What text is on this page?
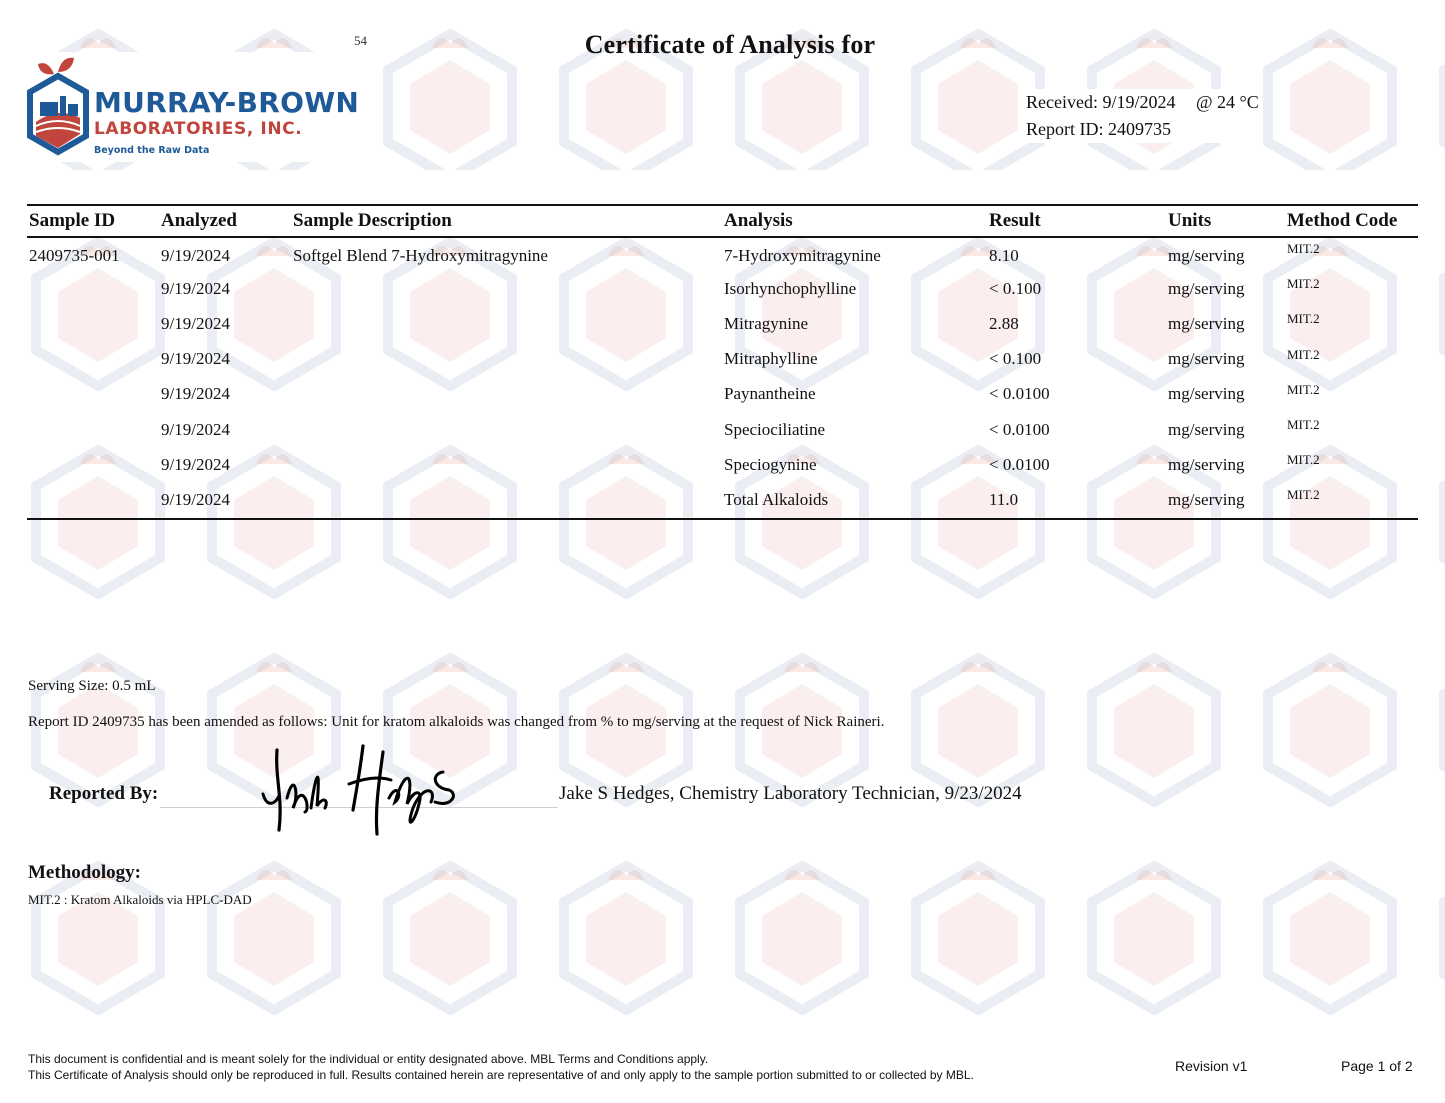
54	Certificate of Analysis for
MURRAY-BROWN
LABORATORIES, INC.
Beyond the Raw Data
Received: 9/19/2024 @ 24 °C
Report ID: 2409735
Sample ID	Analyzed	Sample Description	Analysis	Result	Units	Method Code
2409735-001	9/19/2024	Softgel Blend 7-Hydroxymitragynine	7-Hydroxymitragynine	8.10	mg/serving	MIT.2
	9/19/2024		Isorhynchophylline	< 0.100	mg/serving	MIT.2
	9/19/2024		Mitragynine	2.88	mg/serving	MIT.2
	9/19/2024		Mitraphylline	< 0.100	mg/serving	MIT.2
	9/19/2024		Paynantheine	< 0.0100	mg/serving	MIT.2
	9/19/2024		Speciociliatine	< 0.0100	mg/serving	MIT.2
	9/19/2024		Speciogynine	< 0.0100	mg/serving	MIT.2
	9/19/2024		Total Alkaloids	11.0	mg/serving	MIT.2
Serving Size: 0.5 mL
Report ID 2409735 has been amended as follows: Unit for kratom alkaloids was changed from % to mg/serving at the request of Nick Raineri.
Reported By:	Jake S Hedges, Chemistry Laboratory Technician, 9/23/2024
Methodology:
MIT.2 : Kratom Alkaloids via HPLC-DAD
This document is confidential and is meant solely for the individual or entity designated above. MBL Terms and Conditions apply.
This Certificate of Analysis should only be reproduced in full. Results contained herein are representative of and only apply to the sample portion submitted to or collected by MBL.
Revision v1	Page 1 of 2
